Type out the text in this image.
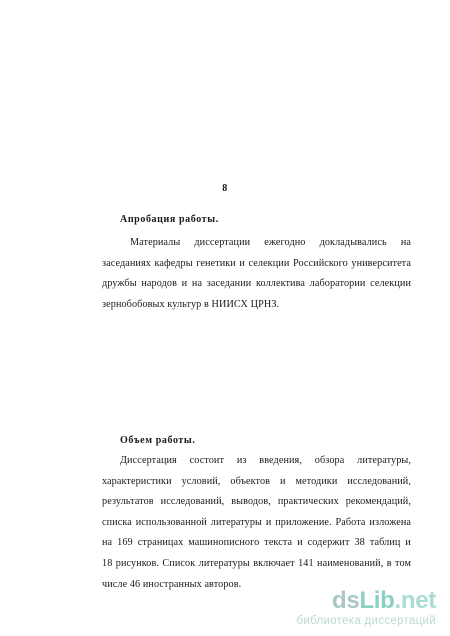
8
Апробация работы.
Материалы диссертации ежегодно докладывались на
заседаниях кафедры генетики и селекции Российского университета
дружбы народов и на заседании коллектива лаборатории селекции
зернобобовых культур в НИИСХ ЦРНЗ.
Объем работы.
Диссертация состоит из введения, обзора литературы,
характеристики условий, объектов и методики исследований,
результатов исследований, выводов, практических рекомендаций,
списка использованной литературы и приложение. Работа изложена
на 169 страницах машинописного текста и содержит 38 таблиц и
18 рисунков. Список литературы включает 141 наименований, в том
числе 46 иностранных авторов.
dsLib.net
библиотека диссертаций
